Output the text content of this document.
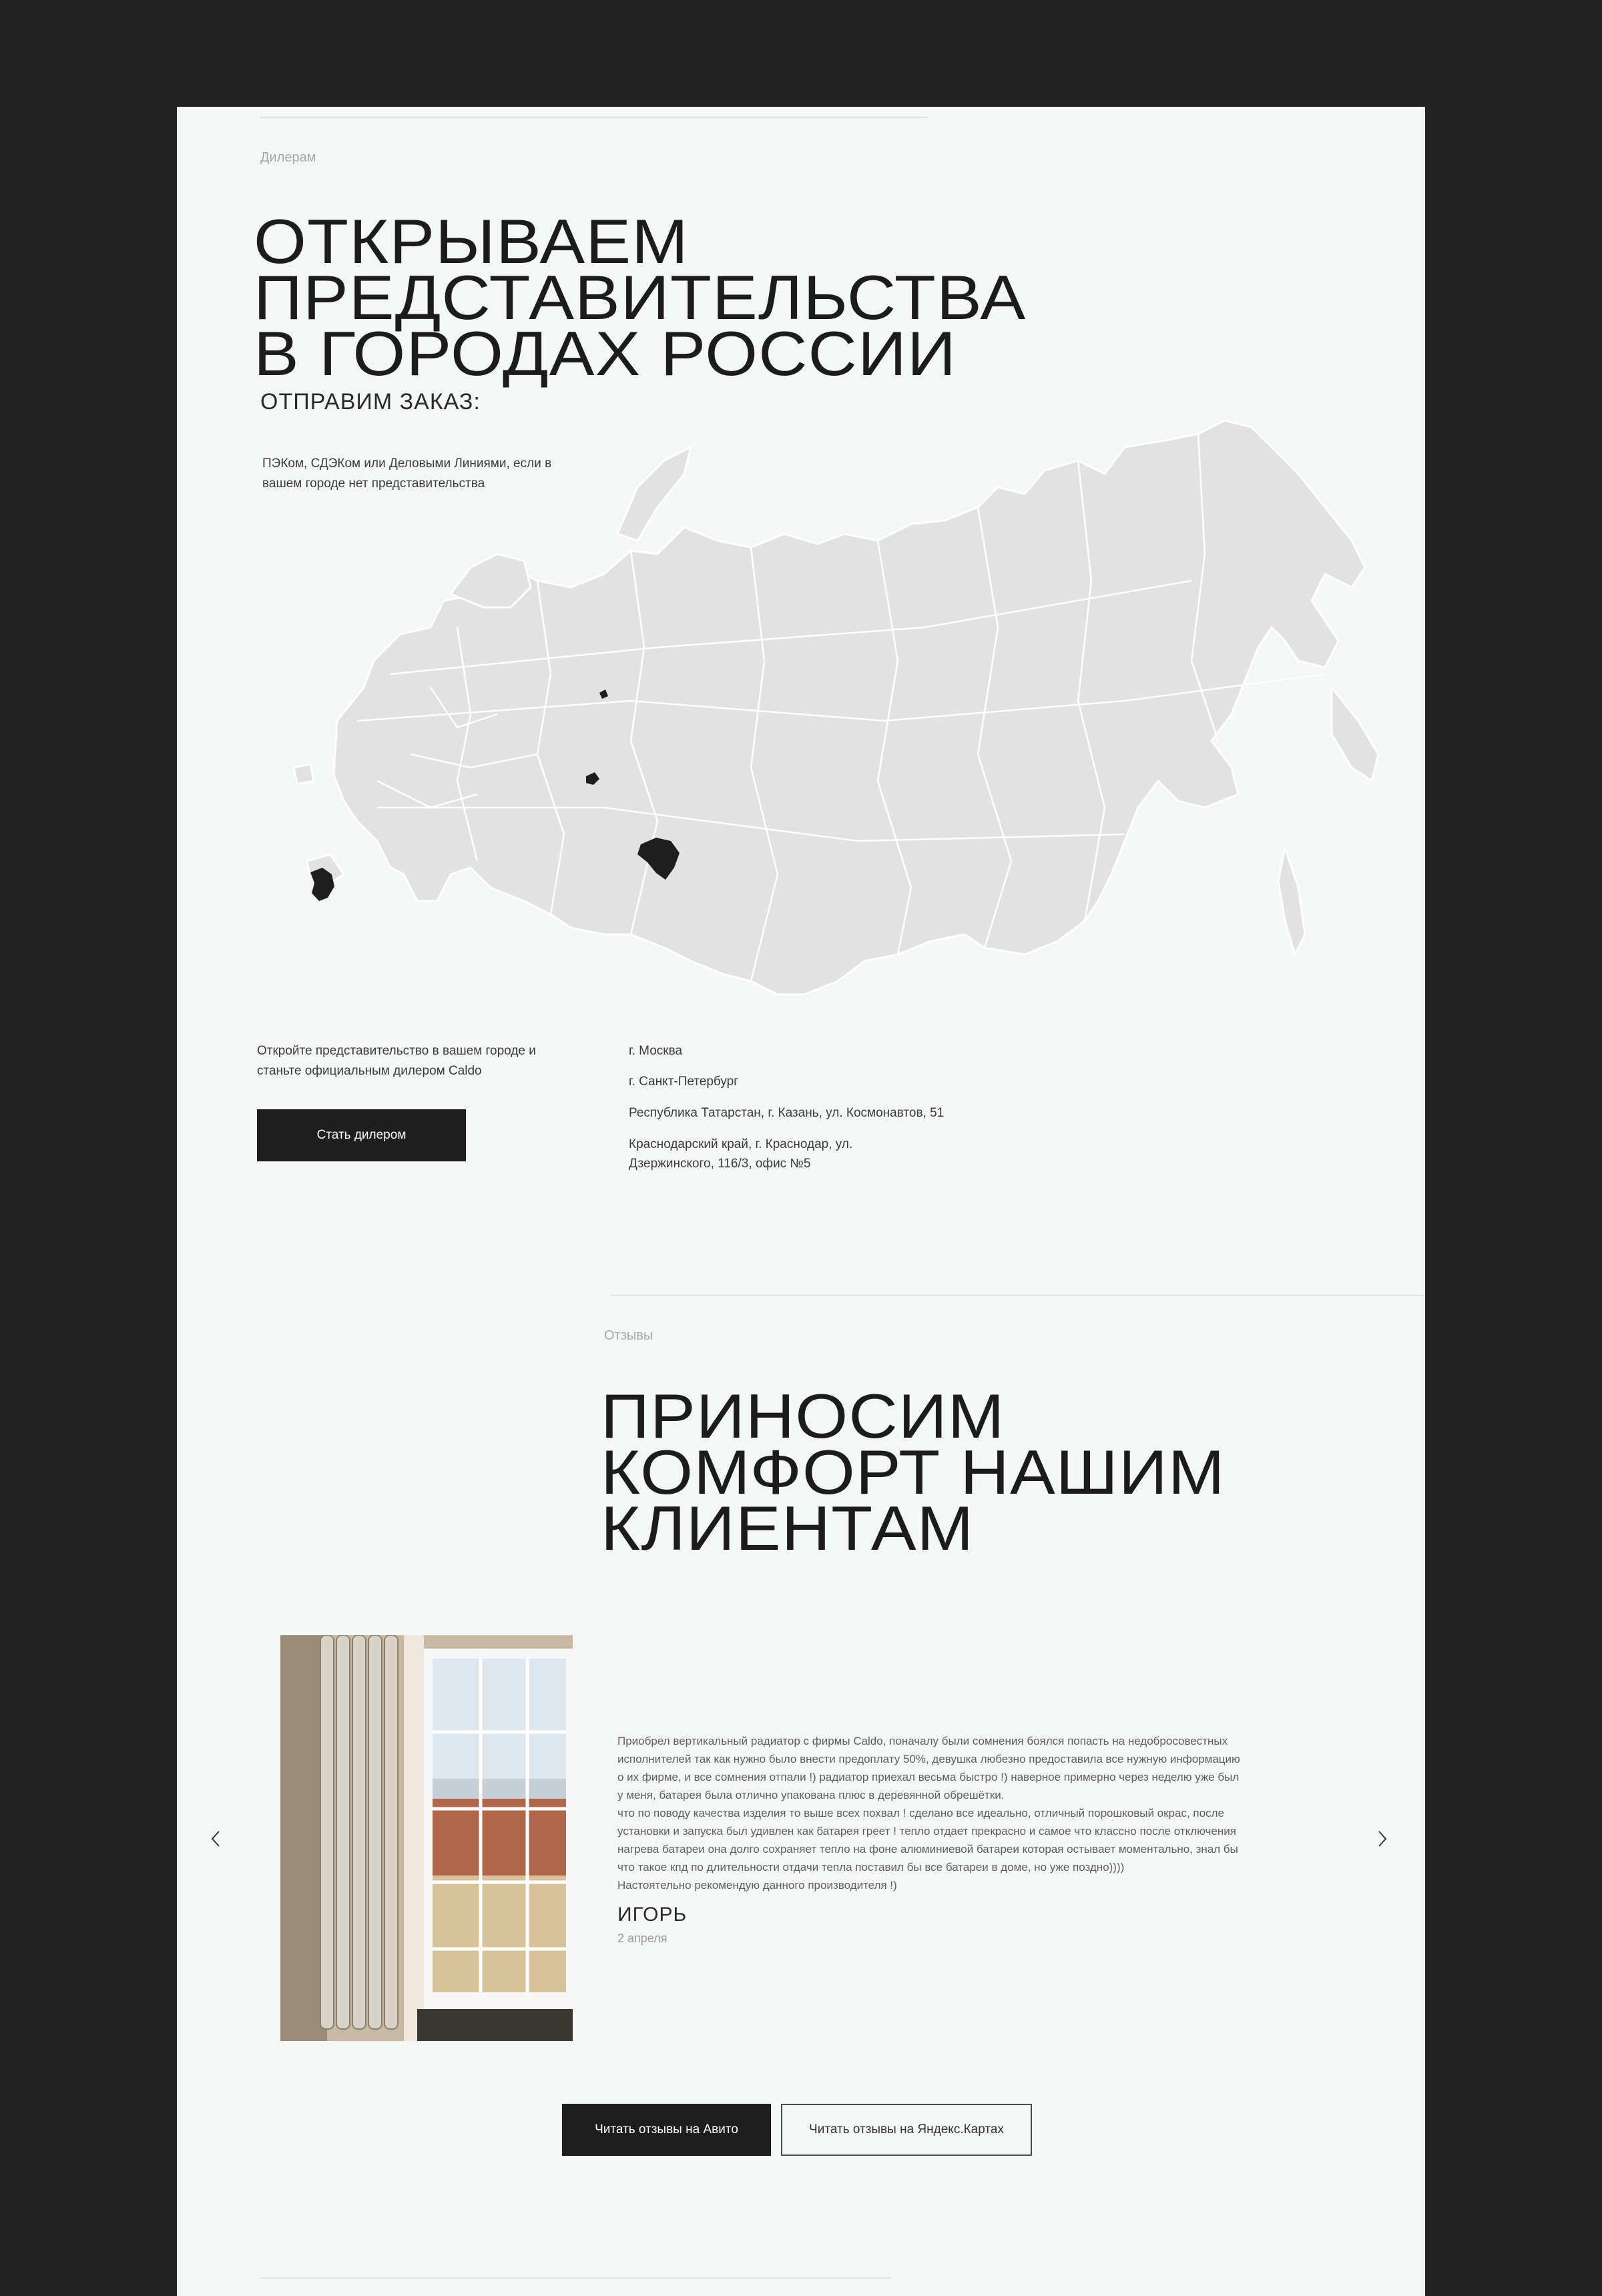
Дилерам
ОТКРЫВАЕМ
ПРЕДСТАВИТЕЛЬСТВА
В ГОРОДАХ РОССИИ
ОТПРАВИМ ЗАКАЗ:
ПЭКом, СДЭКом или Деловыми Линиями, если в вашем городе нет представительства
Откройте представительство в вашем городе и станьте официальным дилером Caldo
Стать дилером
г. Москва
г. Санкт-Петербург
Республика Татарстан, г. Казань, ул. Космонавтов, 51
Краснодарский край, г. Краснодар, ул. Дзержинского, 116/3, офис №5
Отзывы
ПРИНОСИМ
КОМФОРТ НАШИМ
КЛИЕНТАМ
Приобрел вертикальный радиатор с фирмы Caldo, поначалу были сомнения боялся попасть на недобросовестных
исполнителей так как нужно было внести предоплату 50%, девушка любезно предоставила все нужную информацию
о их фирме, и все сомнения отпали !) радиатор приехал весьма быстро !) наверное примерно через неделю уже был
у меня, батарея была отлично упакована плюс в деревянной обрешётки.
что по поводу качества изделия то выше всех похвал ! сделано все идеально, отличный порошковый окрас, после
установки и запуска был удивлен как батарея греет ! тепло отдает прекрасно и самое что классно после отключения
нагрева батареи она долго сохраняет тепло на фоне алюминиевой батареи которая остывает моментально, знал бы
что такое кпд по длительности отдачи тепла поставил бы все батареи в доме, но уже поздно))))
Настоятельно рекомендую данного производителя !)
ИГОРЬ
2 апреля
Читать отзывы на Авито	Читать отзывы на Яндекс.Картах
